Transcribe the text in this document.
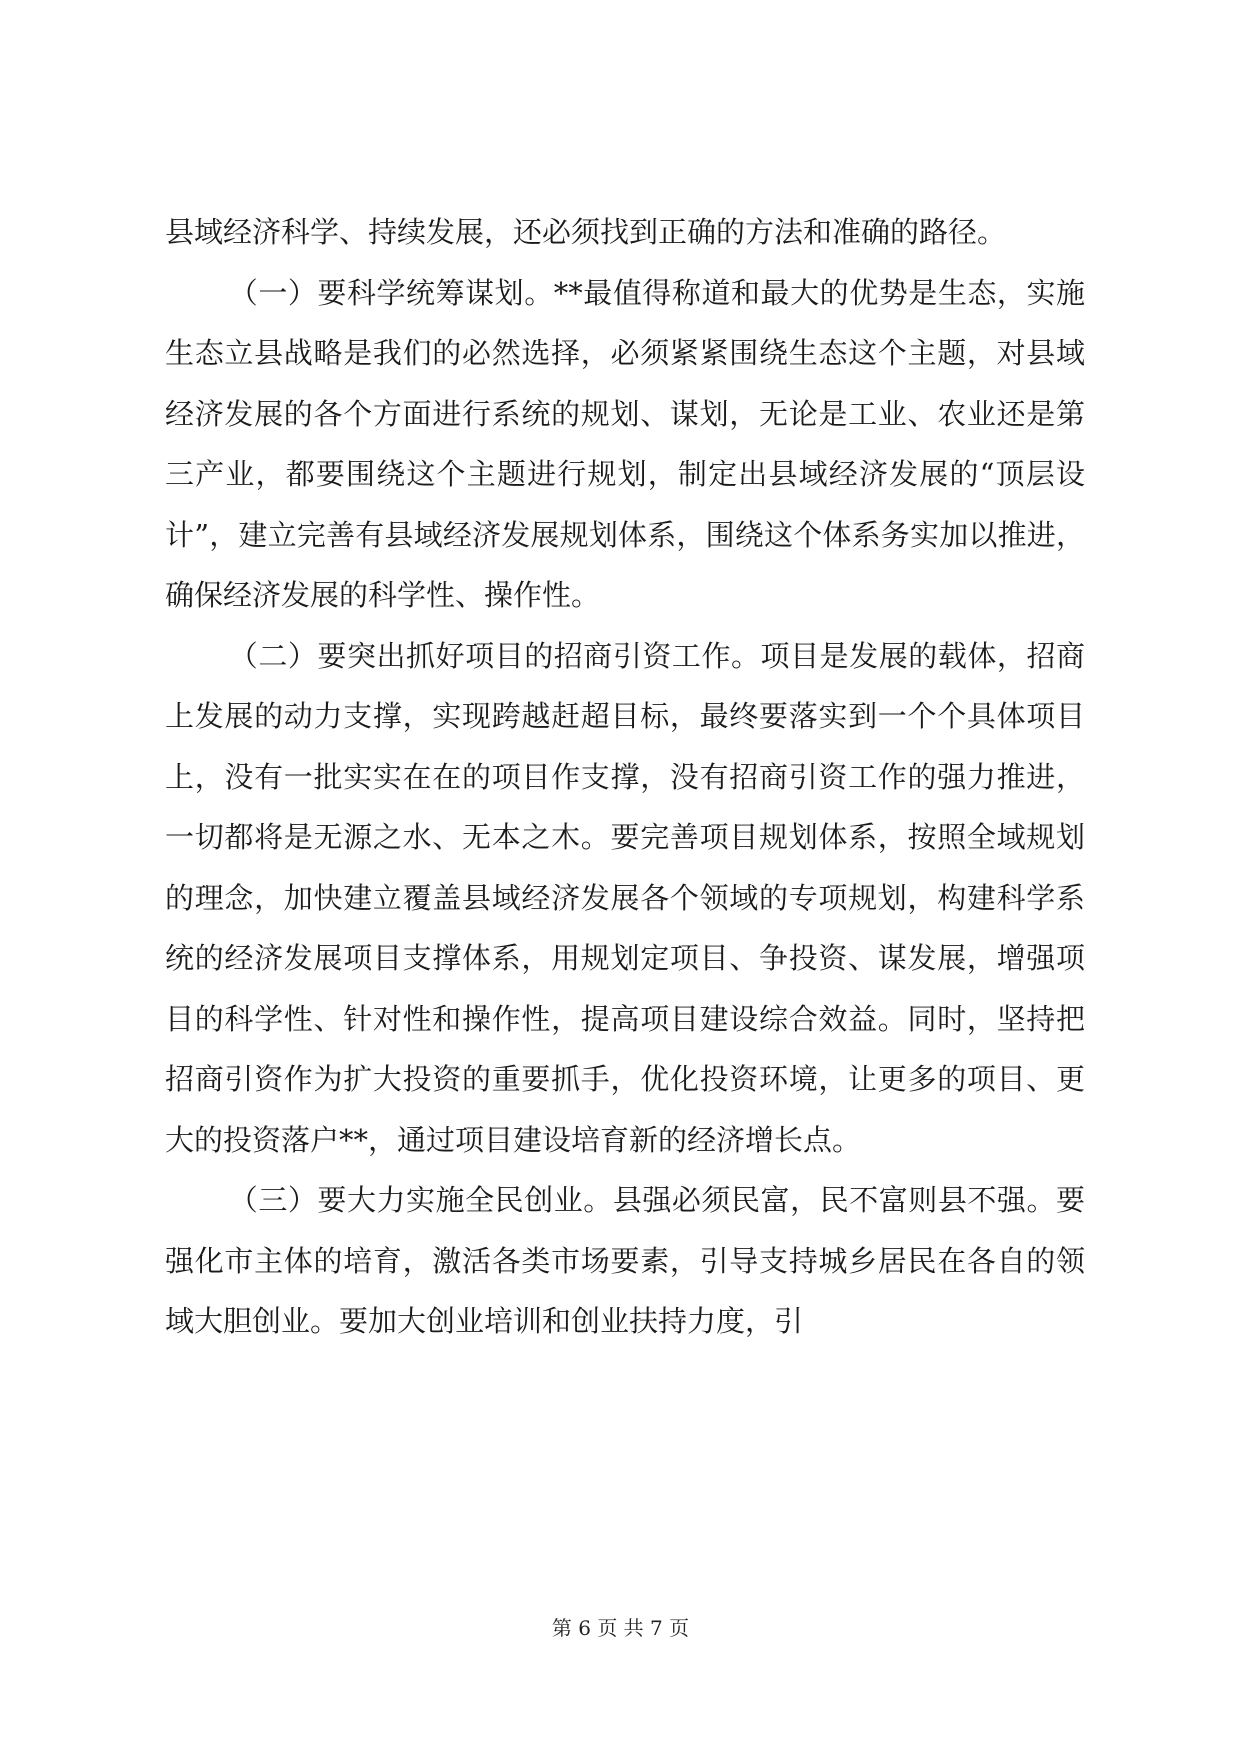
县域经济科学、持续发展，还必须找到正确的方法和准确的路径。

（一）要科学统筹谋划。**最值得称道和最大的优势是生态，实施生态立县战略是我们的必然选择，必须紧紧围绕生态这个主题，对县域经济发展的各个方面进行系统的规划、谋划，无论是工业、农业还是第三产业，都要围绕这个主题进行规划，制定出县域经济发展的“顶层设计”，建立完善有县域经济发展规划体系，围绕这个体系务实加以推进，确保经济发展的科学性、操作性。

（二）要突出抓好项目的招商引资工作。项目是发展的载体，招商上发展的动力支撑，实现跨越赶超目标，最终要落实到一个个具体项目上，没有一批实实在在的项目作支撑，没有招商引资工作的强力推进，一切都将是无源之水、无本之木。要完善项目规划体系，按照全域规划的理念，加快建立覆盖县域经济发展各个领域的专项规划，构建科学系统的经济发展项目支撑体系，用规划定项目、争投资、谋发展，增强项目的科学性、针对性和操作性，提高项目建设综合效益。同时，坚持把招商引资作为扩大投资的重要抓手，优化投资环境，让更多的项目、更大的投资落户**，通过项目建设培育新的经济增长点。

（三）要大力实施全民创业。县强必须民富，民不富则县不强。要强化市主体的培育，激活各类市场要素，引导支持城乡居民在各自的领域大胆创业。要加大创业培训和创业扶持力度，引

第 6 页 共 7 页
